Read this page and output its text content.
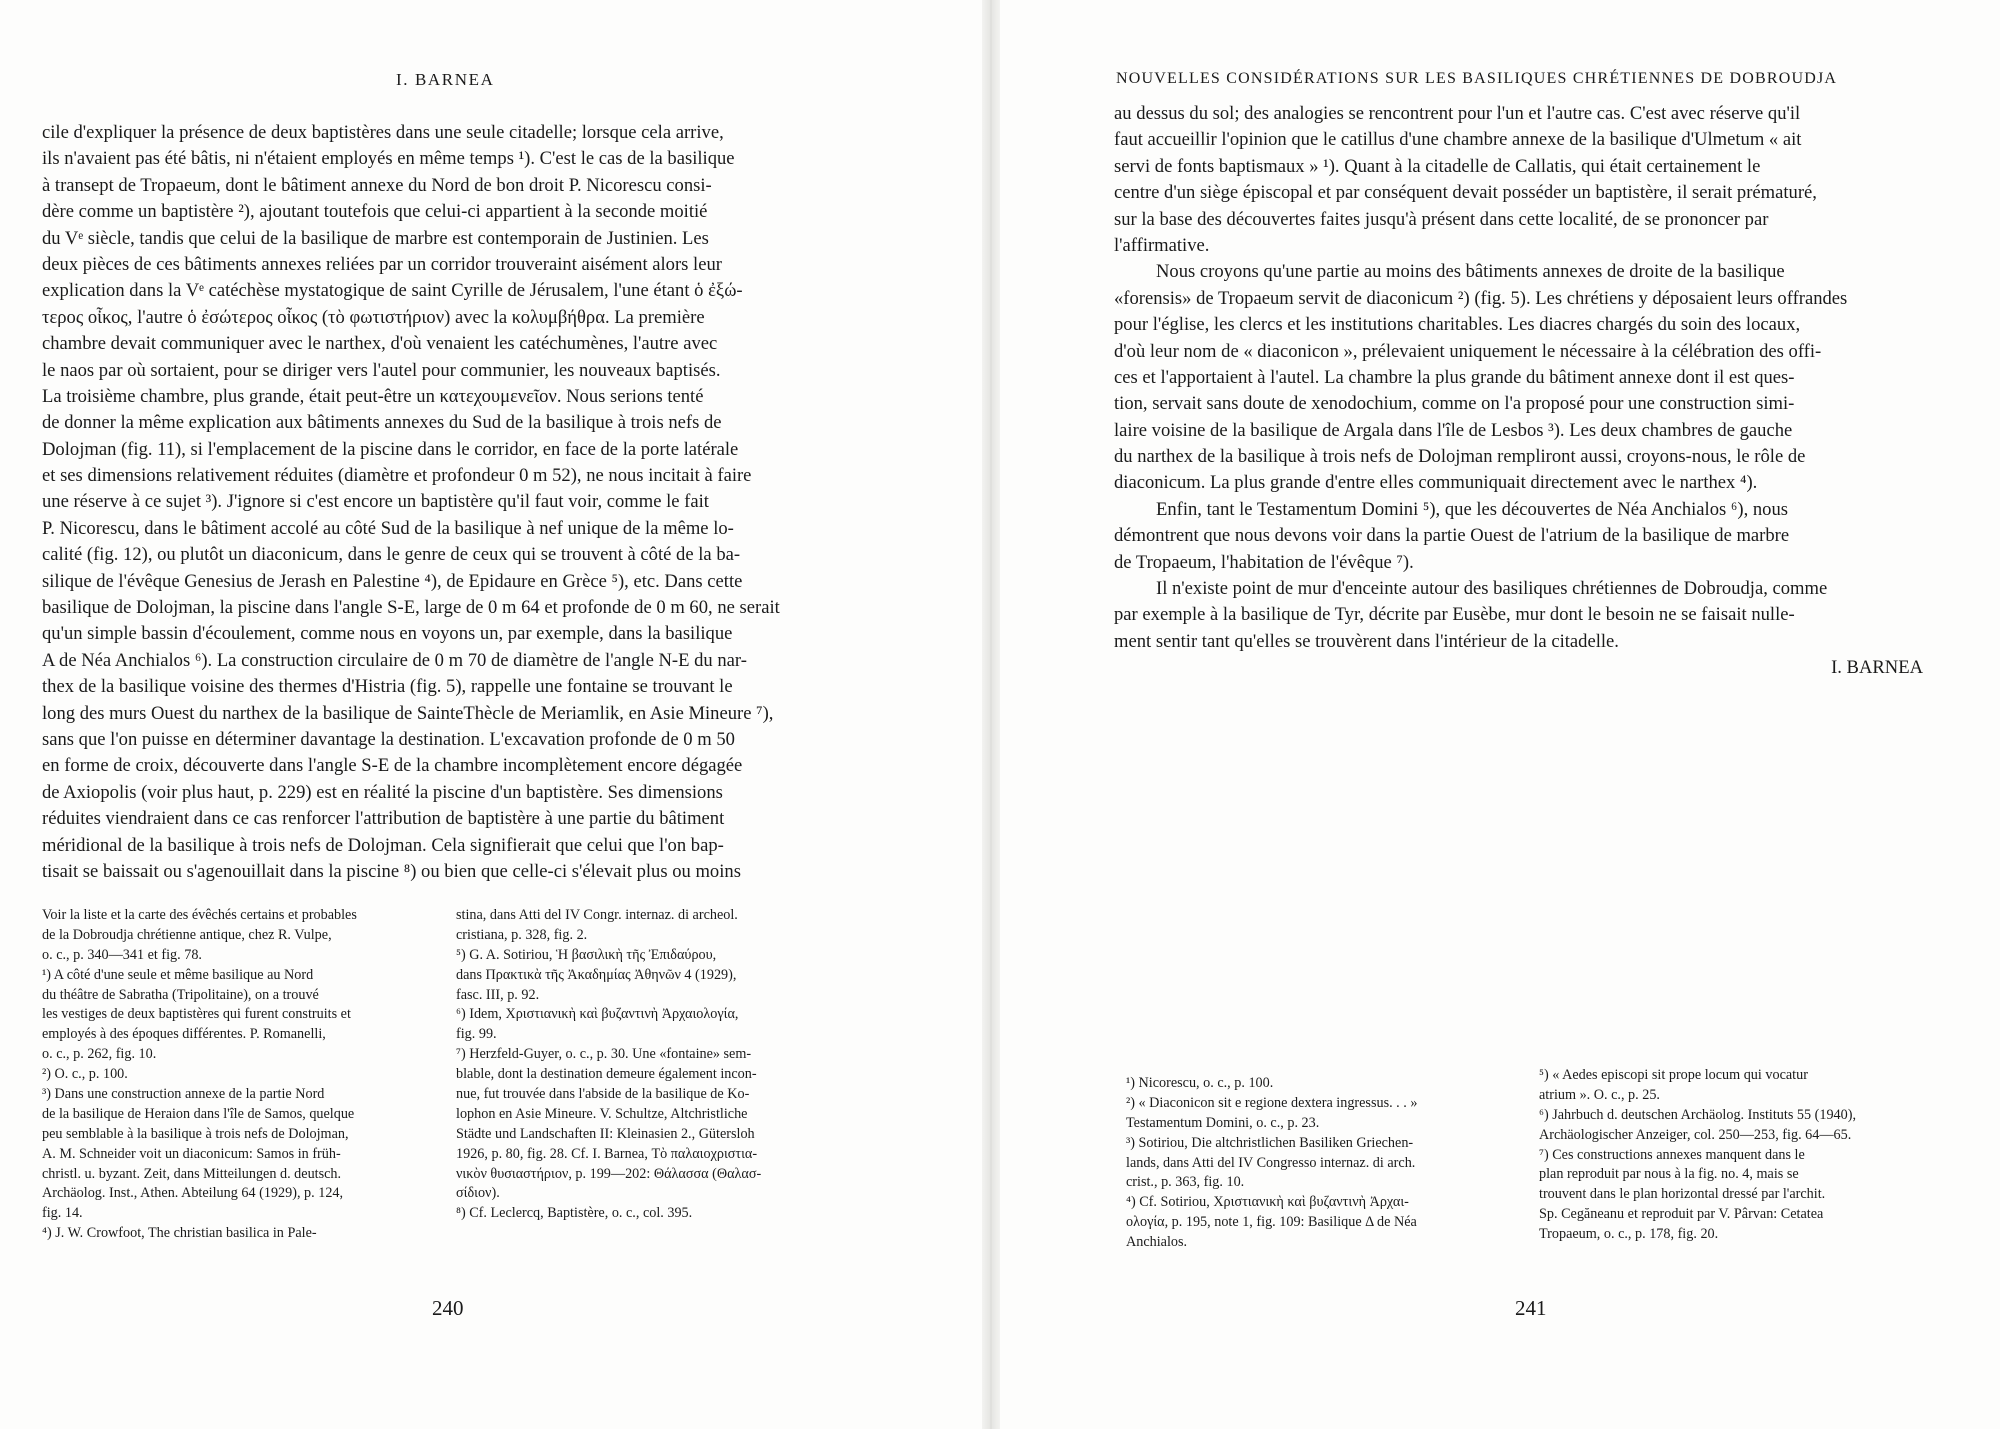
I. BARNEA
cile d'expliquer la présence de deux baptistères dans une seule citadelle; lorsque cela arrive,
ils n'avaient pas été bâtis, ni n'étaient employés en même temps ¹). C'est le cas de la basilique
à transept de Tropaeum, dont le bâtiment annexe du Nord de bon droit P. Nicorescu consi-
dère comme un baptistère ²), ajoutant toutefois que celui-ci appartient à la seconde moitié
du Vᵉ siècle, tandis que celui de la basilique de marbre est contemporain de Justinien. Les
deux pièces de ces bâtiments annexes reliées par un corridor trouveraint aisément alors leur
explication dans la Vᵉ catéchèse mystatogique de saint Cyrille de Jérusalem, l'une étant ὁ ἐξώ-
τερος οἶκος, l'autre ὁ ἐσώτερος οἶκος (τὸ φωτιστήριον) avec la κολυμβήθρα. La première
chambre devait communiquer avec le narthex, d'où venaient les catéchumènes, l'autre avec
le naos par où sortaient, pour se diriger vers l'autel pour communier, les nouveaux baptisés.
La troisième chambre, plus grande, était peut-être un κατεχουμενεῖον. Nous serions tenté
de donner la même explication aux bâtiments annexes du Sud de la basilique à trois nefs de
Dolojman (fig. 11), si l'emplacement de la piscine dans le corridor, en face de la porte latérale
et ses dimensions relativement réduites (diamètre et profondeur 0 m 52), ne nous incitait à faire
une réserve à ce sujet ³). J'ignore si c'est encore un baptistère qu'il faut voir, comme le fait
P. Nicorescu, dans le bâtiment accolé au côté Sud de la basilique à nef unique de la même lo-
calité (fig. 12), ou plutôt un diaconicum, dans le genre de ceux qui se trouvent à côté de la ba-
silique de l'évêque Genesius de Jerash en Palestine ⁴), de Epidaure en Grèce ⁵), etc. Dans cette
basilique de Dolojman, la piscine dans l'angle S-E, large de 0 m 64 et profonde de 0 m 60, ne serait
qu'un simple bassin d'écoulement, comme nous en voyons un, par exemple, dans la basilique
A de Néa Anchialos ⁶). La construction circulaire de 0 m 70 de diamètre de l'angle N-E du nar-
thex de la basilique voisine des thermes d'Histria (fig. 5), rappelle une fontaine se trouvant le
long des murs Ouest du narthex de la basilique de SainteThècle de Meriamlik, en Asie Mineure ⁷),
sans que l'on puisse en déterminer davantage la destination. L'excavation profonde de 0 m 50
en forme de croix, découverte dans l'angle S-E de la chambre incomplètement encore dégagée
de Axiopolis (voir plus haut, p. 229) est en réalité la piscine d'un baptistère. Ses dimensions
réduites viendraient dans ce cas renforcer l'attribution de baptistère à une partie du bâtiment
méridional de la basilique à trois nefs de Dolojman. Cela signifierait que celui que l'on bap-
tisait se baissait ou s'agenouillait dans la piscine ⁸) ou bien que celle-ci s'élevait plus ou moins
Voir la liste et la carte des évêchés certains et probables
de la Dobroudja chrétienne antique, chez R. Vulpe,
o. c., p. 340—341 et fig. 78.
¹) A côté d'une seule et même basilique au Nord
du théâtre de Sabratha (Tripolitaine), on a trouvé
les vestiges de deux baptistères qui furent construits et
employés à des époques différentes. P. Romanelli,
o. c., p. 262, fig. 10.
²) O. c., p. 100.
³) Dans une construction annexe de la partie Nord
de la basilique de Heraion dans l'île de Samos, quelque
peu semblable à la basilique à trois nefs de Dolojman,
A. M. Schneider voit un diaconicum: Samos in früh-
christl. u. byzant. Zeit, dans Mitteilungen d. deutsch.
Archäolog. Inst., Athen. Abteilung 64 (1929), p. 124,
fig. 14.
⁴) J. W. Crowfoot, The christian basilica in Pale-
stina, dans Atti del IV Congr. internaz. di archeol.
cristiana, p. 328, fig. 2.
⁵) G. A. Sotiriou, Ἡ βασιλικὴ τῆς Ἐπιδαύρου,
dans Πρακτικὰ τῆς Ἀκαδημίας Ἀθηνῶν 4 (1929),
fasc. III, p. 92.
⁶) Idem, Χριστιανικὴ καὶ βυζαντινὴ Ἀρχαιολογία,
fig. 99.
⁷) Herzfeld-Guyer, o. c., p. 30. Une «fontaine» sem-
blable, dont la destination demeure également incon-
nue, fut trouvée dans l'abside de la basilique de Ko-
lophon en Asie Mineure. V. Schultze, Altchristliche
Städte und Landschaften II: Kleinasien 2., Gütersloh
1926, p. 80, fig. 28. Cf. I. Barnea, Τὸ παλαιοχριστια-
νικὸν θυσιαστήριον, p. 199—202: Θάλασσα (Θαλασ-
σίδιον).
⁸) Cf. Leclercq, Baptistère, o. c., col. 395.

240

NOUVELLES CONSIDÉRATIONS SUR LES BASILIQUES CHRÉTIENNES DE DOBROUDJA
au dessus du sol; des analogies se rencontrent pour l'un et l'autre cas. C'est avec réserve qu'il
faut accueillir l'opinion que le catillus d'une chambre annexe de la basilique d'Ulmetum « ait
servi de fonts baptismaux » ¹). Quant à la citadelle de Callatis, qui était certainement le
centre d'un siège épiscopal et par conséquent devait posséder un baptistère, il serait prématuré,
sur la base des découvertes faites jusqu'à présent dans cette localité, de se prononcer par
l'affirmative.
Nous croyons qu'une partie au moins des bâtiments annexes de droite de la basilique
«forensis» de Tropaeum servit de diaconicum ²) (fig. 5). Les chrétiens y déposaient leurs offrandes
pour l'église, les clercs et les institutions charitables. Les diacres chargés du soin des locaux,
d'où leur nom de « diaconicon », prélevaient uniquement le nécessaire à la célébration des offi-
ces et l'apportaient à l'autel. La chambre la plus grande du bâtiment annexe dont il est ques-
tion, servait sans doute de xenodochium, comme on l'a proposé pour une construction simi-
laire voisine de la basilique de Argala dans l'île de Lesbos ³). Les deux chambres de gauche
du narthex de la basilique à trois nefs de Dolojman rempliront aussi, croyons-nous, le rôle de
diaconicum. La plus grande d'entre elles communiquait directement avec le narthex ⁴).
Enfin, tant le Testamentum Domini ⁵), que les découvertes de Néa Anchialos ⁶), nous
démontrent que nous devons voir dans la partie Ouest de l'atrium de la basilique de marbre
de Tropaeum, l'habitation de l'évêque ⁷).
Il n'existe point de mur d'enceinte autour des basiliques chrétiennes de Dobroudja, comme
par exemple à la basilique de Tyr, décrite par Eusèbe, mur dont le besoin ne se faisait nulle-
ment sentir tant qu'elles se trouvèrent dans l'intérieur de la citadelle.
I. BARNEA
¹) Nicorescu, o. c., p. 100.
²) « Diaconicon sit e regione dextera ingressus. . . »
Testamentum Domini, o. c., p. 23.
³) Sotiriou, Die altchristlichen Basiliken Griechen-
lands, dans Atti del IV Congresso internaz. di arch.
crist., p. 363, fig. 10.
⁴) Cf. Sotiriou, Χριστιανικὴ καὶ βυζαντινὴ Ἀρχαι-
ολογία, p. 195, note 1, fig. 109: Basilique Δ de Néa
Anchialos.
⁵) « Aedes episcopi sit prope locum qui vocatur
atrium ». O. c., p. 25.
⁶) Jahrbuch d. deutschen Archäolog. Instituts 55 (1940),
Archäologischer Anzeiger, col. 250—253, fig. 64—65.
⁷) Ces constructions annexes manquent dans le
plan reproduit par nous à la fig. no. 4, mais se
trouvent dans le plan horizontal dressé par l'archit.
Sp. Cegăneanu et reproduit par V. Pârvan: Cetatea
Tropaeum, o. c., p. 178, fig. 20.

241
